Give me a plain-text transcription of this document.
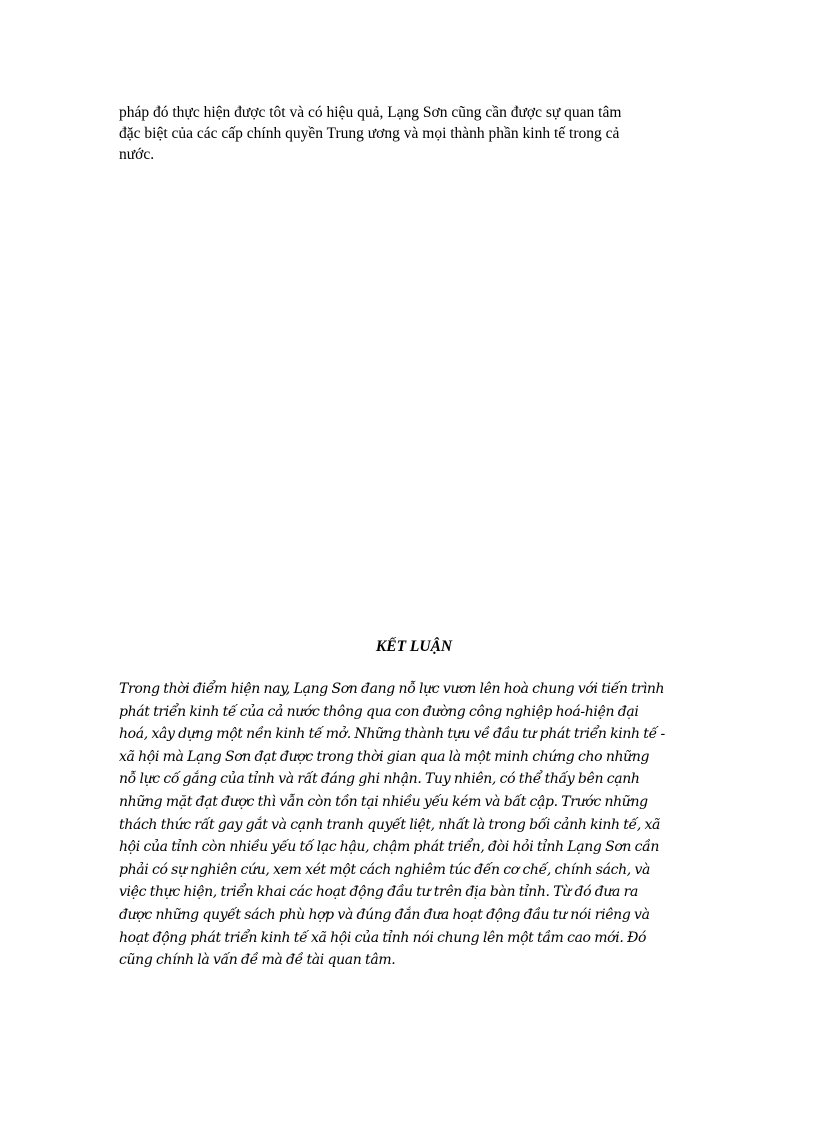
pháp đó thực hiện được tôt và có hiệu quả, Lạng Sơn cũng cần được sự quan tâm
đặc biệt của các cấp chính quyền Trung ương và mọi thành phần kinh tế trong cả
nước.
KẾT LUẬN
Trong thời điểm hiện nay, Lạng Sơn đang nỗ lực vươn lên hoà chung với tiến trình
phát triển kinh tế của cả nước thông qua con đường công nghiệp hoá-hiện đại
hoá, xây dựng một nền kinh tế mở. Những thành tựu về đầu tư phát triển kinh tế -
xã hội mà Lạng Sơn đạt được trong thời gian qua là một minh chứng cho những
nỗ lực cố gắng của tỉnh và rất đáng ghi nhận. Tuy nhiên, có thể thấy bên cạnh
những mặt đạt được thì vẫn còn tồn tại nhiều yếu kém và bất cập. Trước những
thách thức rất gay gắt và cạnh tranh quyết liệt, nhất là trong bối cảnh kinh tế, xã
hội của tỉnh còn nhiều yếu tố lạc hậu, chậm phát triển, đòi hỏi tỉnh Lạng Sơn cần
phải có sự nghiên cứu, xem xét một cách nghiêm túc đến cơ chế, chính sách, và
việc thực hiện, triển khai các hoạt động đầu tư trên địa bàn tỉnh. Từ đó đưa ra
được những quyết sách phù hợp và đúng đắn đưa hoạt động đầu tư nói riêng và
hoạt động phát triển kinh tế xã hội của tỉnh nói chung lên một tầm cao mới. Đó
cũng chính là vấn đề mà đề tài quan tâm.
